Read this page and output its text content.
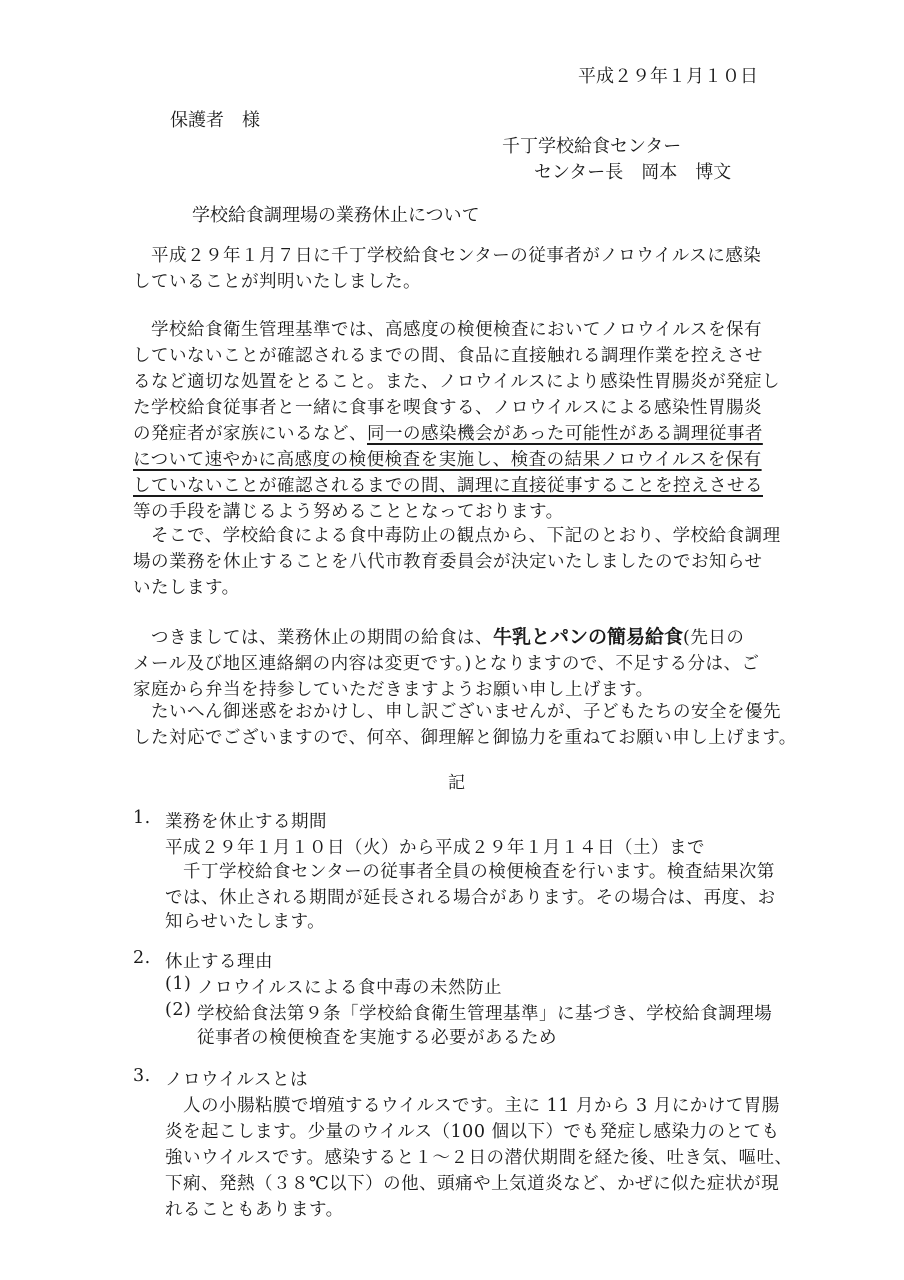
平成２９年１月１０日
保護者　様
千丁学校給食センター
センター長　岡本　博文
学校給食調理場の業務休止について
平成２９年１月７日に千丁学校給食センターの従事者がノロウイルスに感染
していることが判明いたしました。
学校給食衛生管理基準では、高感度の検便検査においてノロウイルスを保有
していないことが確認されるまでの間、食品に直接触れる調理作業を控えさせ
るなど適切な処置をとること。また、ノロウイルスにより感染性胃腸炎が発症し
た学校給食従事者と一緒に食事を喫食する、ノロウイルスによる感染性胃腸炎
の発症者が家族にいるなど、同一の感染機会があった可能性がある調理従事者
について速やかに高感度の検便検査を実施し、検査の結果ノロウイルスを保有
していないことが確認されるまでの間、調理に直接従事することを控えさせる
等の手段を講じるよう努めることとなっております。
そこで、学校給食による食中毒防止の観点から、下記のとおり、学校給食調理
場の業務を休止することを八代市教育委員会が決定いたしましたのでお知らせ
いたします。
つきましては、業務休止の期間の給食は、牛乳とパンの簡易給食(先日の
メール及び地区連絡網の内容は変更です。)となりますので、不足する分は、ご
家庭から弁当を持参していただきますようお願い申し上げます。
たいへん御迷惑をおかけし、申し訳ございませんが、子どもたちの安全を優先
した対応でございますので、何卒、御理解と御協力を重ねてお願い申し上げます。
記
1. 業務を休止する期間
平成２９年１月１０日（火）から平成２９年１月１４日（土）まで
　千丁学校給食センターの従事者全員の検便検査を行います。検査結果次第
では、休止される期間が延長される場合があります。その場合は、再度、お
知らせいたします。
2. 休止する理由
(1) ノロウイルスによる食中毒の未然防止
(2) 学校給食法第９条「学校給食衛生管理基準」に基づき、学校給食調理場
従事者の検便検査を実施する必要があるため
3. ノロウイルスとは
　人の小腸粘膜で増殖するウイルスです。主に 11 月から 3 月にかけて胃腸
炎を起こします。少量のウイルス（100 個以下）でも発症し感染力のとても
強いウイルスです。感染すると１～２日の潜伏期間を経た後、吐き気、嘔吐、
下痢、発熱（３８℃以下）の他、頭痛や上気道炎など、かぜに似た症状が現
れることもあります。
